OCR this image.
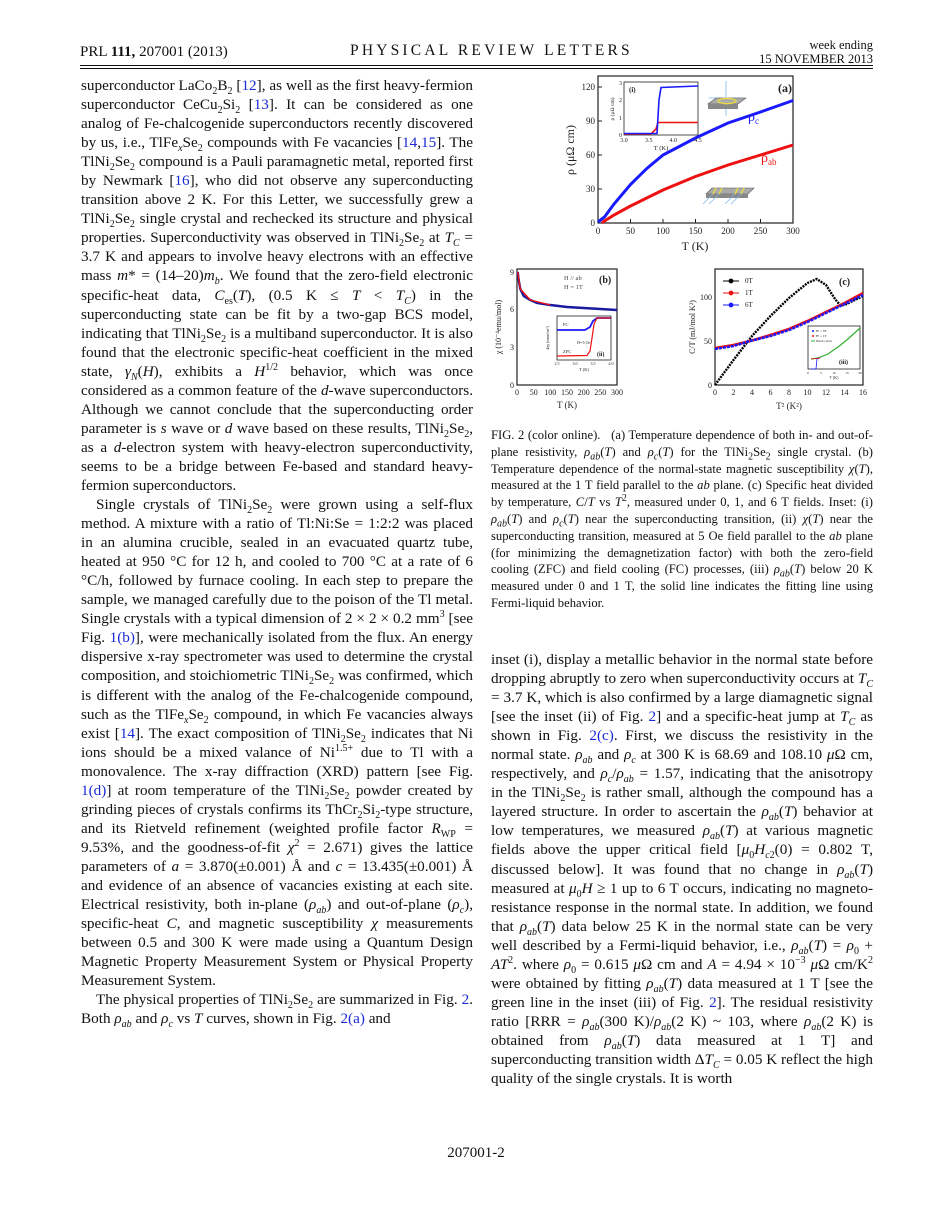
PRL 111, 207001 (2013)	PHYSICAL REVIEW LETTERS	week ending
15 NOVEMBER 2013

superconductor $LaCo_2B_2$ [12], as well as the first heavy-fermion superconductor $CeCu_2Si_2$ [13]. It can be considered as one analog of Fe-chalcogenide superconductors recently discovered by us, i.e., $TlFe_xSe_2$ compounds with Fe vacancies [14,15]. The $TlNi_2Se_2$ compound is a Pauli paramagnetic metal, reported first by Newmark [16], who did not observe any superconducting transition above 2 K. For this Letter, we successfully grew a $TlNi_2Se_2$ single crystal and rechecked its structure and physical properties. Superconductivity was observed in $TlNi_2Se_2$ at $T_C = 3.7$ K and appears to involve heavy electrons with an effective mass $m* = (14-20)m_b$. We found that the zero-field electronic specific-heat data, $C_{es}(T)$, (0.5 $K \le T < T_C$) in the superconducting state can be fit by a two-gap BCS model, indicating that $TlNi_2Se_2$ is a multiband superconductor. It is also found that the electronic specific-heat coefficient in the mixed state, $\gamma_N(H)$, exhibits a $H^{1/2}$ behavior, which was once considered as a common feature of the d-wave superconductors. Although we cannot conclude that the superconducting order parameter is s wave or d wave based on these results, $TlNi_2Se_2$, as a d-electron system with heavy-electron superconductivity, seems to be a bridge between Fe-based and standard heavy-fermion superconductors.

Single crystals of $TlNi_2Se_2$ were grown using a self-flux method. A mixture with a ratio of Tl:Ni:Se = 1:2:2 was placed in an alumina crucible, sealed in an evacuated quartz tube, heated at 950 °C for 12 h, and cooled to 700 °C at a rate of 6 °C/h, followed by furnace cooling. In each step to prepare the sample, we managed carefully due to the poison of the Tl metal. Single crystals with a typical dimension of 2 × 2 × 0.2 $mm^3$ [see Fig. 1(b)], were mechanically isolated from the flux. An energy dispersive x-ray spectrometer was used to determine the crystal composition, and stoichiometric $TlNi_2Se_2$ was confirmed, which is different with the analog of the Fe-chalcogenide compound, such as the $TlFe_xSe_2$ compound, in which Fe vacancies always exist [14]. The exact composition of $TlNi_2Se_2$ indicates that Ni ions should be a mixed valance of $Ni^{1.5+}$ due to Tl with a monovalence. The x-ray diffraction (XRD) pattern [see Fig. 1(d)] at room temperature of the $TlNi_2Se_2$ powder created by grinding pieces of crystals confirms its $ThCr_2Si_2$-type structure, and its Rietveld refinement (weighted profile factor $R_{WP} = 9.53\%$, and the goodness-of-fit $\chi^2 = 2.671$) gives the lattice parameters of a = 3.870(±0.001) Å and c = 13.435(±0.001) Å and evidence of an absence of vacancies existing at each site. Electrical resistivity, both in-plane $(\rho_{ab})$ and out-of-plane $(\rho_c)$, specific-heat C, and magnetic susceptibility χ measurements between 0.5 and 300 K were made using a Quantum Design Magnetic Property Measurement System or Physical Property Measurement System.

The physical properties of $TlNi_2Se_2$ are summarized in Fig. 2. Both $\rho_{ab}$ and $\rho_c$ vs T curves, shown in Fig. 2(a) and

0	50 100 150 200 250 300
0
30
60
90
120
T (K)
ρ (μΩ cm)
(a)
$\rho_c$
$\rho_{ab}$
3.0	3.5	4.0	4.5
0
1
2
3
T (K)
ρ (μΩ cm)
(i)
0 50 100 150 200 250 300
0
3
6
9
T (K)
χ (10⁻⁴emu/mol)
(b)
H // ab
H = 1T
2.5	3.0	3.5	4.0
T (K)
4πχ (emu/cm³)
FC
ZFC
H=5 Oe
(ii)
0 2 4 6 8 10 12 14 16
0
50
100
T² (K²)
C/T (mJ/mol K²)
(c)
0T
1T
6T
H' = 0T
H' = 1T
fitted curve
0	5	10	15	20
T (K)
(iii)

FIG. 2 (color online).   (a) Temperature dependence of both in- and out-of-plane resistivity, $\rho_{ab}(T)$ and $\rho_c(T)$ for the $TlNi_2Se_2$ single crystal. (b) Temperature dependence of the normal-state magnetic susceptibility χ(T), measured at the 1 T field parallel to the ab plane. (c) Specific heat divided by temperature, C/T vs $T^2$, measured under 0, 1, and 6 T fields. Inset: (i) $\rho_{ab}(T)$ and $\rho_c(T)$ near the superconducting transition, (ii) χ(T) near the superconducting transition, measured at 5 Oe field parallel to the ab plane (for minimizing the demagnetization factor) with both the zero-field cooling (ZFC) and field cooling (FC) processes, (iii) $\rho_{ab}(T)$ below 20 K measured under 0 and 1 T, the solid line indicates the fitting line using Fermi-liquid behavior.

inset (i), display a metallic behavior in the normal state before dropping abruptly to zero when superconductivity occurs at $T_C = 3.7$ K, which is also confirmed by a large diamagnetic signal [see the inset (ii) of Fig. 2] and a specific-heat jump at $T_C$ as shown in Fig. 2(c). First, we discuss the resistivity in the normal state. $\rho_{ab}$ and $\rho_c$ at 300 K is 68.69 and 108.10 μΩ cm, respectively, and $\rho_c/\rho_{ab} = 1.57$, indicating that the anisotropy in the $TlNi_2Se_2$ is rather small, although the compound has a layered structure. In order to ascertain the $\rho_{ab}(T)$ behavior at low temperatures, we measured $\rho_{ab}(T)$ at various magnetic fields above the upper critical field [$\mu_0H_{c2}(0) = 0.802$ T, discussed below]. It was found that no change in $\rho_{ab}(T)$ measured at $\mu_0H \ge 1$ up to 6 T occurs, indicating no magneto-resistance response in the normal state. In addition, we found that $\rho_{ab}(T)$ data below 25 K in the normal state can be very well described by a Fermi-liquid behavior, i.e., $\rho_{ab}(T) = \rho_0 + AT^2$. where $\rho_0 = 0.615$ μΩ cm and $A = 4.94 \times 10^{-3}$ μΩ $cm/K^2$ were obtained by fitting $\rho_{ab}(T)$ data measured at 1 T [see the green line in the inset (iii) of Fig. 2]. The residual resistivity ratio [$RRR = \rho_{ab}(300$ $K)/\rho_{ab}(2$ K) ~ 103, where $\rho_{ab}(2$ K) is obtained from $\rho_{ab}(T)$ data measured at 1 T] and superconducting transition width $\Delta T_C = 0.05$ K reflect the high quality of the single crystals. It is worth

207001-2
